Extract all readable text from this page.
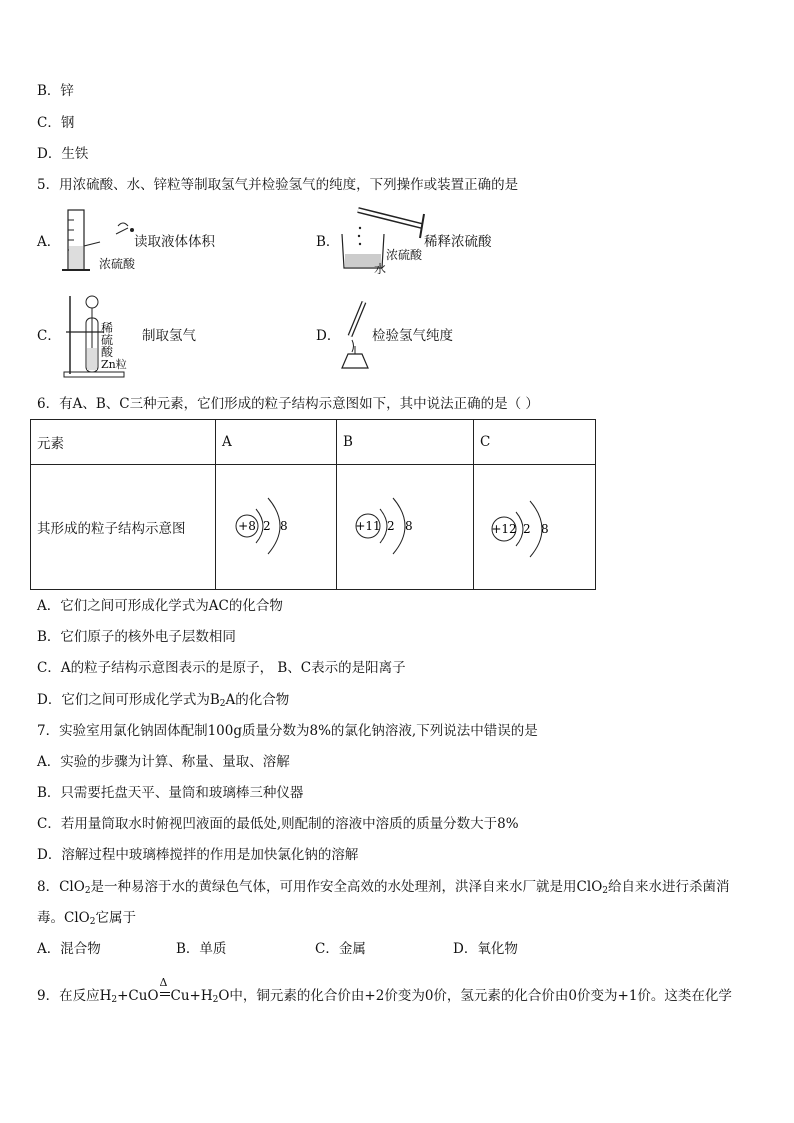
B．锌
C．钢
D．生铁
5．用浓硫酸、水、锌粒等制取氢气并检验氢气的纯度，下列操作或装置正确的是
A．
浓硫酸
读取液体体积	B．
浓硫酸
水
稀释浓硫酸
C．	稀
硫
酸
Zn粒
制取氢气	D． 检验氢气纯度
6．有A、B、C三种元素，它们形成的粒子结构示意图如下，其中说法正确的是（ ）
元素	A	B	C
其形成的粒子结构示意图	+8 2 8	+11 2 8	+12 2 8
A．它们之间可形成化学式为AC的化合物
B．它们原子的核外电子层数相同
C．A的粒子结构示意图表示的是原子， B、C表示的是阳离子
D．它们之间可形成化学式为$B_2A$的化合物
7．实验室用氯化钠固体配制100g质量分数为8%的氯化钠溶液,下列说法中错误的是
A．实验的步骤为计算、称量、量取、溶解
B．只需要托盘天平、量筒和玻璃棒三种仪器
C．若用量筒取水时俯视凹液面的最低处,则配制的溶液中溶质的质量分数大于8%
D．溶解过程中玻璃棒搅拌的作用是加快氯化钠的溶解
8．ClO$_2$是一种易溶于水的黄绿色气体，可用作安全高效的水处理剂，洪泽自来水厂就是用ClO$_2$给自来水进行杀菌消
毒。ClO$_2$它属于
A．混合物	B．单质	C．金属	D．氧化物
9．在反应$H_2+CuO$
Δ
$Cu+H_2O$中，铜元素的化合价由+2价变为0价，氢元素的化合价由0价变为+1价。这类在化学
